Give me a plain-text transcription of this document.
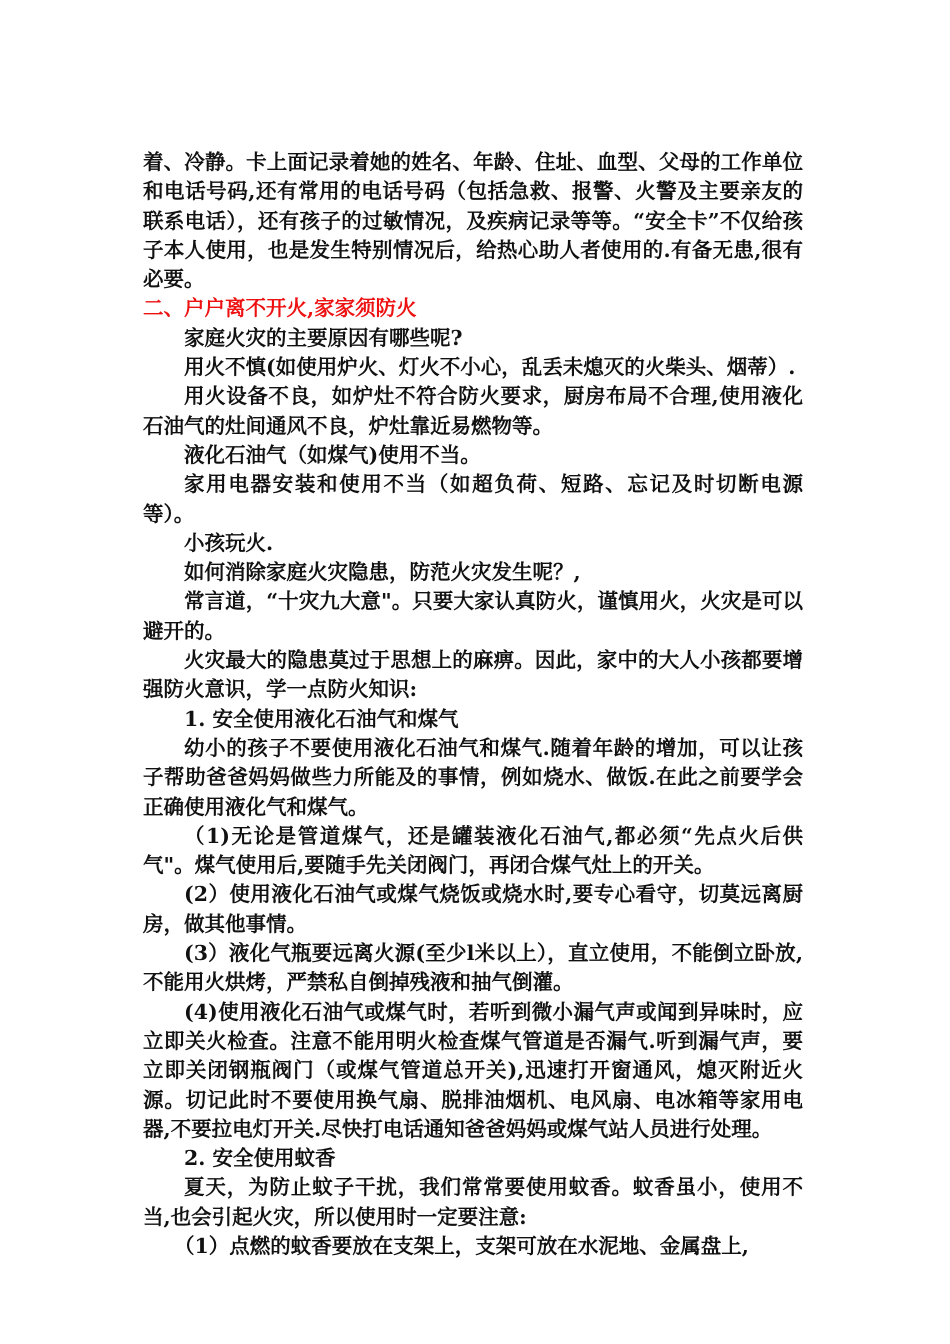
着、冷静。卡上面记录着她的姓名、年龄、住址、血型、父母的工作单位和电话号码,还有常用的电话号码（包括急救、报警、火警及主要亲友的联系电话），还有孩子的过敏情况，及疾病记录等等。“安全卡”不仅给孩子本人使用，也是发生特别情况后，给热心助人者使用的.有备无患,很有必要。

二、户户离不开火,家家须防火

家庭火灾的主要原因有哪些呢?

用火不慎(如使用炉火、灯火不小心，乱丢未熄灭的火柴头、烟蒂）.

用火设备不良，如炉灶不符合防火要求，厨房布局不合理,使用液化石油气的灶间通风不良，炉灶靠近易燃物等。

液化石油气（如煤气)使用不当。

家用电器安装和使用不当（如超负荷、短路、忘记及时切断电源等）。

小孩玩火.

如何消除家庭火灾隐患，防范火灾发生呢？,

常言道，“十灾九大意"。只要大家认真防火，谨慎用火，火灾是可以避开的。

火灾最大的隐患莫过于思想上的麻痹。因此，家中的大人小孩都要增强防火意识，学一点防火知识:

1. 安全使用液化石油气和煤气

幼小的孩子不要使用液化石油气和煤气.随着年龄的增加，可以让孩子帮助爸爸妈妈做些力所能及的事情，例如烧水、做饭.在此之前要学会正确使用液化气和煤气。

（1)无论是管道煤气，还是罐装液化石油气,都必须“先点火后供气"。煤气使用后,要随手先关闭阀门，再闭合煤气灶上的开关。

(2）使用液化石油气或煤气烧饭或烧水时,要专心看守，切莫远离厨房，做其他事情。

(3）液化气瓶要远离火源(至少l米以上），直立使用，不能倒立卧放,不能用火烘烤，严禁私自倒掉残液和抽气倒灌。

(4)使用液化石油气或煤气时，若听到微小漏气声或闻到异味时，应立即关火检查。注意不能用明火检查煤气管道是否漏气.听到漏气声，要立即关闭钢瓶阀门（或煤气管道总开关),迅速打开窗通风，熄灭附近火源。切记此时不要使用换气扇、脱排油烟机、电风扇、电冰箱等家用电器,不要拉电灯开关.尽快打电话通知爸爸妈妈或煤气站人员进行处理。

2. 安全使用蚊香

夏天，为防止蚊子干扰，我们常常要使用蚊香。蚊香虽小，使用不当,也会引起火灾，所以使用时一定要注意:

（1）点燃的蚊香要放在支架上，支架可放在水泥地、金属盘上,
